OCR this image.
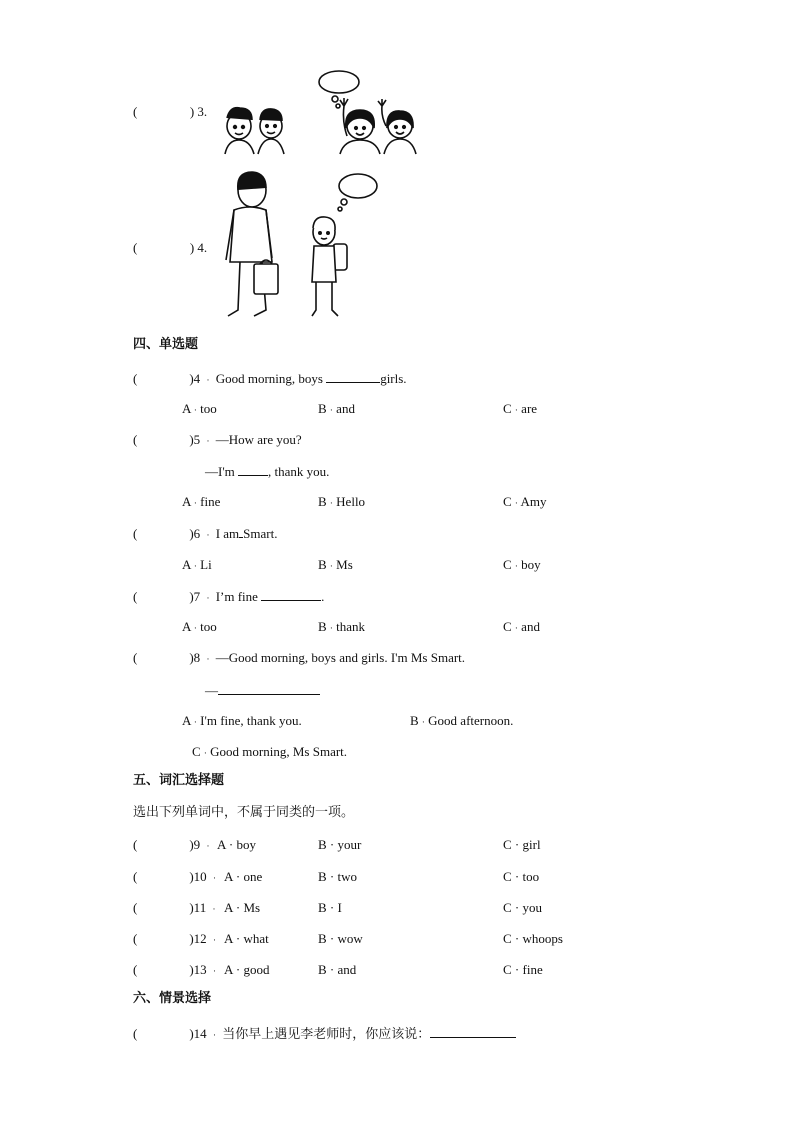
(	) 3.
(	) 4.
四、单选题
(	)4 · Good morning, boys	girls.
A · too	B · and	C · are
(	)5 · —How are you?
—I'm , thank you.
A · fine	B · Hello	C · Amy
(	)6 · I am Smart.
A · Li	B · Ms	C · boy
(	)7 · I’m fine	.
A · too	B · thank	C · and
(	)8 · —Good morning, boys and girls. I'm Ms Smart.
—
A · I'm fine, thank you.	B · Good afternoon.
C · Good morning, Ms Smart.
五、词汇选择题
选出下列单词中，不属于同类的一项。
(	)9 · A · boy	B · your	C · girl
(	)10 · A · one	B · two	C · too
(	)11 · A · Ms	B · I	C · you
(	)12 · A · what	B · wow	C · whoops
(	)13 · A · good	B · and	C · fine
六、情景选择
(	)14 · 当你早上遇见李老师时，你应该说：
